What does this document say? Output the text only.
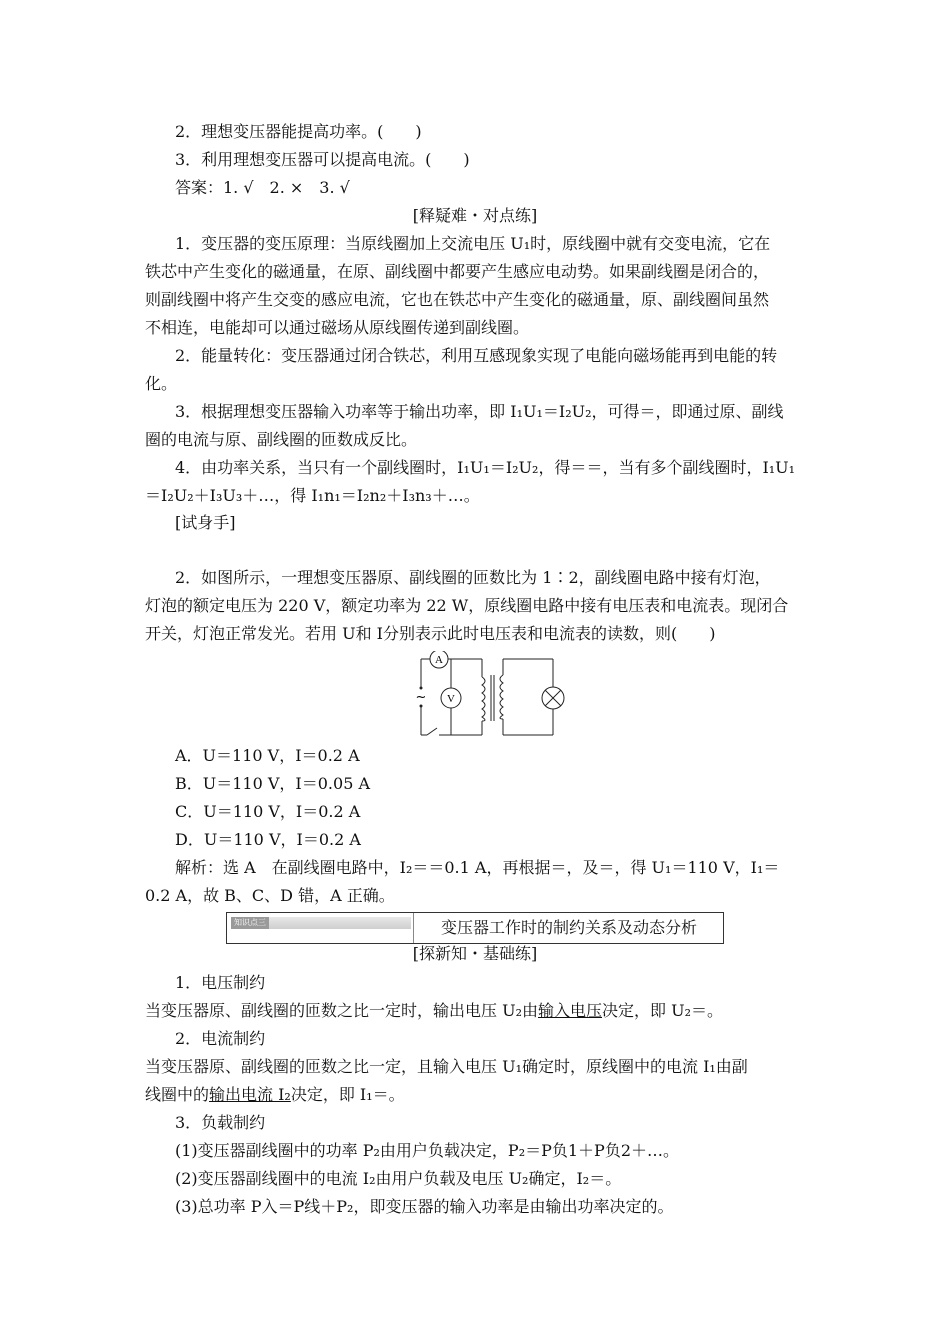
2．理想变压器能提高功率。(　　)
3．利用理想变压器可以提高电流。(　　)
答案：1. √　2. ×　3. √
[释疑难・对点练]
1．变压器的变压原理：当原线圈加上交流电压 U₁时，原线圈中就有交变电流，它在
铁芯中产生变化的磁通量，在原、副线圈中都要产生感应电动势。如果副线圈是闭合的，
则副线圈中将产生交变的感应电流，它也在铁芯中产生变化的磁通量，原、副线圈间虽然
不相连，电能却可以通过磁场从原线圈传递到副线圈。
2．能量转化：变压器通过闭合铁芯，利用互感现象实现了电能向磁场能再到电能的转
化。
3．根据理想变压器输入功率等于输出功率，即 I₁U₁＝I₂U₂，可得＝，即通过原、副线
圈的电流与原、副线圈的匝数成反比。
4．由功率关系，当只有一个副线圈时，I₁U₁＝I₂U₂，得＝＝，当有多个副线圈时，I₁U₁
＝I₂U₂＋I₃U₃＋…，得 I₁n₁＝I₂n₂＋I₃n₃＋…。
[试身手]
2．如图所示，一理想变压器原、副线圈的匝数比为 1∶2，副线圈电路中接有灯泡，
灯泡的额定电压为 220 V，额定功率为 22 W，原线圈电路中接有电压表和电流表。现闭合
开关，灯泡正常发光。若用 U和 I分别表示此时电压表和电流表的读数，则(　　)
A
V
~
A．U＝110 V，I＝0.2 A
B．U＝110 V，I＝0.05 A
C．U＝110 V，I＝0.2 A
D．U＝110 V，I＝0.2 A
解析：选 A　在副线圈电路中，I₂＝＝0.1 A，再根据＝，及＝，得 U₁＝110 V，I₁＝
0.2 A，故 B、C、D 错，A 正确。
知识点三	变压器工作时的制约关系及动态分析
[探新知・基础练]
1．电压制约
当变压器原、副线圈的匝数之比一定时，输出电压 U₂由输入电压决定，即 U₂＝。
2．电流制约
当变压器原、副线圈的匝数之比一定，且输入电压 U₁确定时，原线圈中的电流 I₁由副
线圈中的输出电流 I₂决定，即 I₁＝。
3．负载制约
(1)变压器副线圈中的功率 P₂由用户负载决定，P₂＝P负1＋P负2＋…。
(2)变压器副线圈中的电流 I₂由用户负载及电压 U₂确定，I₂＝。
(3)总功率 P入＝P线＋P₂，即变压器的输入功率是由输出功率决定的。
